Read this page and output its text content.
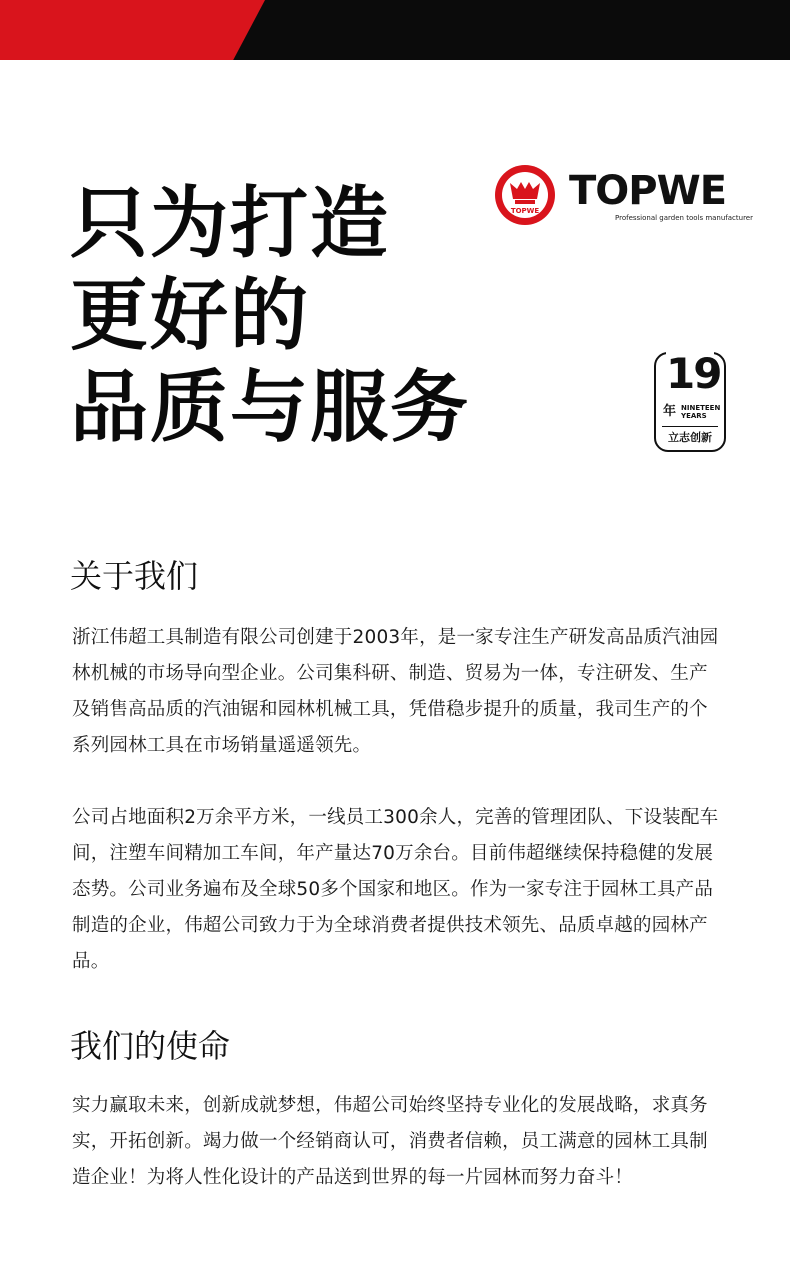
只为打造
更好的
品质与服务
TOPWE TOPWE
Professional garden tools manufacturer
19
年 NINETEEN
YEARS
立志创新
关于我们

浙江伟超工具制造有限公司创建于2003年，是一家专注生产研发高品质汽油园林机械的市场导向型企业。公司集科研、制造、贸易为一体，专注研发、生产及销售高品质的汽油锯和园林机械工具，凭借稳步提升的质量，我司生产的个系列园林工具在市场销量遥遥领先。

公司占地面积2万余平方米，一线员工300余人，完善的管理团队、下设装配车间，注塑车间精加工车间，年产量达70万余台。目前伟超继续保持稳健的发展态势。公司业务遍布及全球50多个国家和地区。作为一家专注于园林工具产品制造的企业，伟超公司致力于为全球消费者提供技术领先、品质卓越的园林产品。

我们的使命

实力赢取未来，创新成就梦想，伟超公司始终坚持专业化的发展战略，求真务实，开拓创新。竭力做一个经销商认可，消费者信赖，员工满意的园林工具制造企业！为将人性化设计的产品送到世界的每一片园林而努力奋斗！
